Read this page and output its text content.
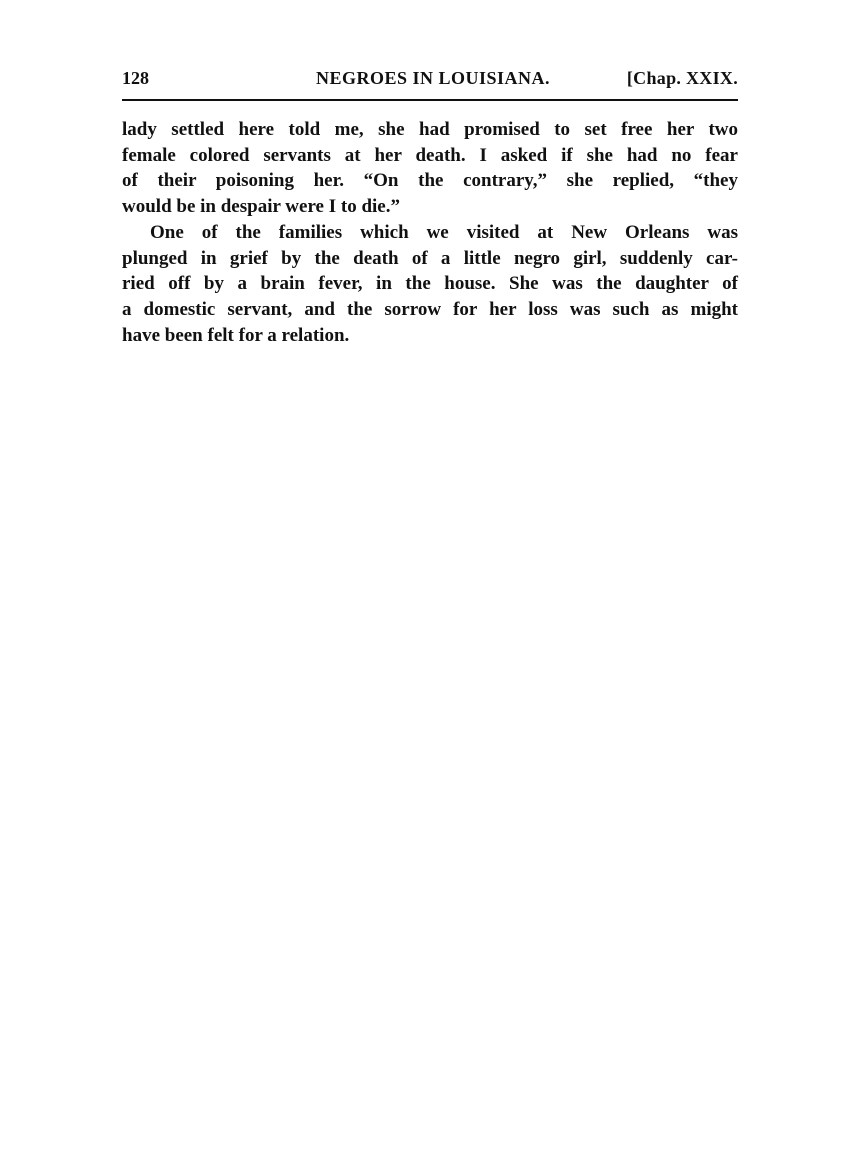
128	NEGROES IN LOUISIANA.	[Chap. XXIX.
lady settled here told me, she had promised to set free her two
female colored servants at her death. I asked if she had no fear
of their poisoning her. “On the contrary,” she replied, “they
would be in despair were I to die.”
One of the families which we visited at New Orleans was
plunged in grief by the death of a little negro girl, suddenly car-
ried off by a brain fever, in the house. She was the daughter of
a domestic servant, and the sorrow for her loss was such as might
have been felt for a relation.
